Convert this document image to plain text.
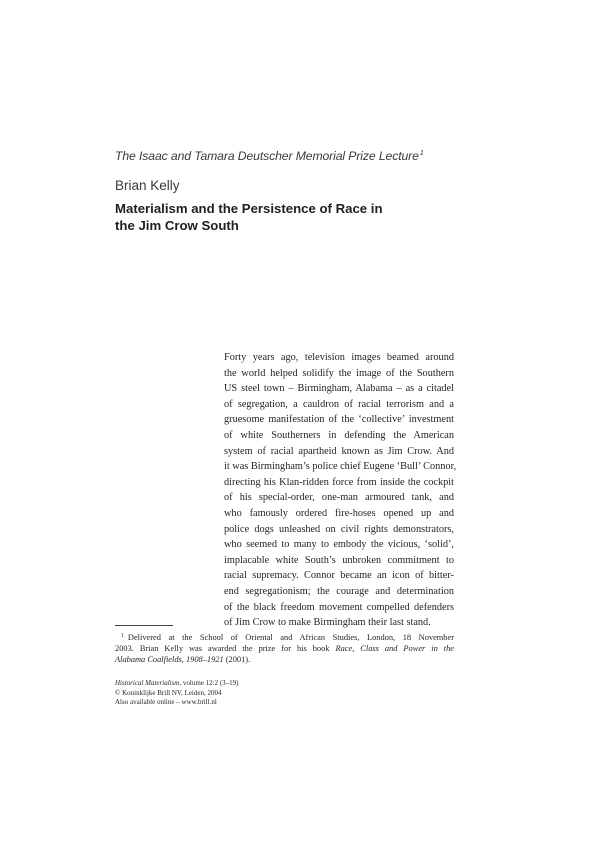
The Isaac and Tamara Deutscher Memorial Prize Lecture$^1$
Brian Kelly
Materialism and the Persistence of Race in
the Jim Crow South
Forty years ago, television images beamed around
the world helped solidify the image of the Southern
US steel town – Birmingham, Alabama – as a citadel
of segregation, a cauldron of racial terrorism and a
gruesome manifestation of the ‘collective’ investment
of white Southerners in defending the American
system of racial apartheid known as Jim Crow. And
it was Birmingham’s police chief Eugene ‘Bull’ Connor,
directing his Klan-ridden force from inside the cockpit
of his special-order, one-man armoured tank, and
who famously ordered fire-hoses opened up and
police dogs unleashed on civil rights demonstrators,
who seemed to many to embody the vicious, ‘solid’,
implacable white South’s unbroken commitment to
racial supremacy. Connor became an icon of bitter-
end segregationism; the courage and determination
of the black freedom movement compelled defenders
of Jim Crow to make Birmingham their last stand.
$^1$ Delivered at the School of Oriental and African Studies, London, 18 November
2003. Brian Kelly was awarded the prize for his book Race, Class and Power in the
Alabama Coalfields, 1908–1921 (2001).
Historical Materialism, volume 12:2 (3–19)
© Koninklijke Brill NV, Leiden, 2004
Also available online – www.brill.nl
